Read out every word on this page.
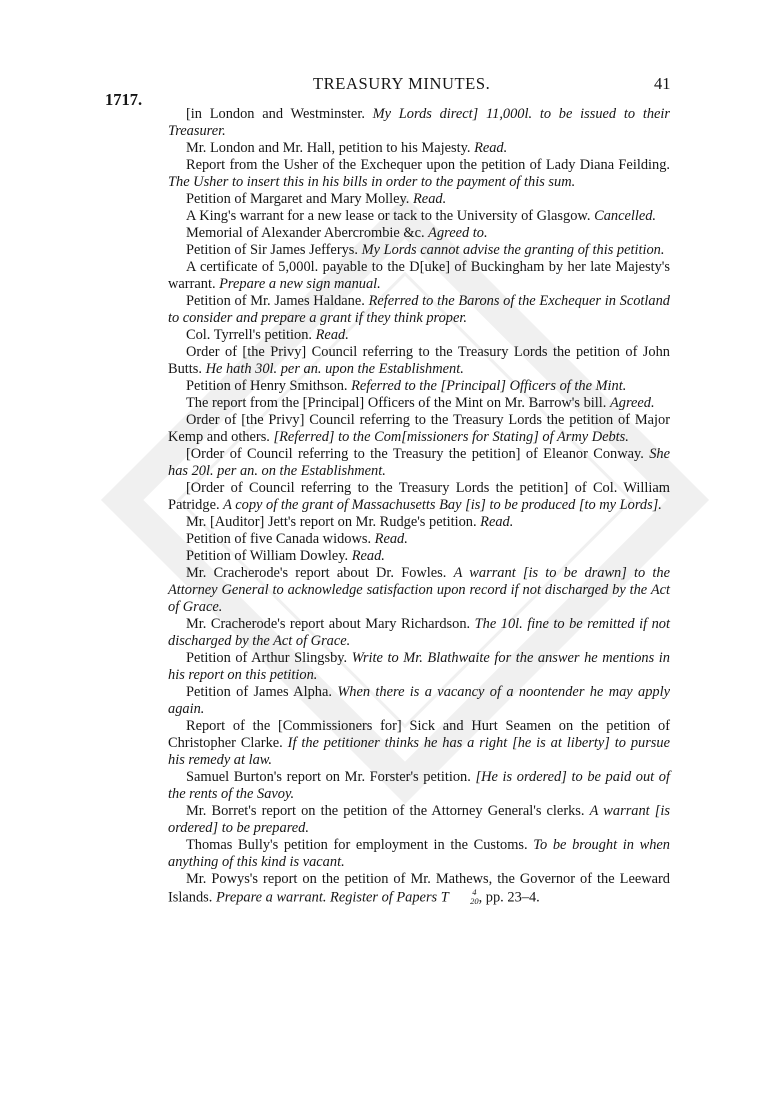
TREASURY MINUTES.	41
1717.

[in London and Westminster. My Lords direct] 11,000l. to be issued to their Treasurer.

Mr. London and Mr. Hall, petition to his Majesty. Read.

Report from the Usher of the Exchequer upon the petition of Lady Diana Feilding. The Usher to insert this in his bills in order to the payment of this sum.

Petition of Margaret and Mary Molley. Read.

A King's warrant for a new lease or tack to the University of Glasgow. Cancelled.

Memorial of Alexander Abercrombie &c. Agreed to.

Petition of Sir James Jefferys. My Lords cannot advise the granting of this petition.

A certificate of 5,000l. payable to the D[uke] of Buckingham by her late Majesty's warrant. Prepare a new sign manual.

Petition of Mr. James Haldane. Referred to the Barons of the Exchequer in Scotland to consider and prepare a grant if they think proper.

Col. Tyrrell's petition. Read.

Order of [the Privy] Council referring to the Treasury Lords the petition of John Butts. He hath 30l. per an. upon the Establishment.

Petition of Henry Smithson. Referred to the [Principal] Officers of the Mint.

The report from the [Principal] Officers of the Mint on Mr. Barrow's bill. Agreed.

Order of [the Privy] Council referring to the Treasury Lords the petition of Major Kemp and others. [Referred] to the Com[missioners for Stating] of Army Debts.

[Order of Council referring to the Treasury the petition] of Eleanor Conway. She has 20l. per an. on the Establishment.

[Order of Council referring to the Treasury Lords the petition] of Col. William Patridge. A copy of the grant of Massachusetts Bay [is] to be produced [to my Lords].

Mr. [Auditor] Jett's report on Mr. Rudge's petition. Read.

Petition of five Canada widows. Read.

Petition of William Dowley. Read.

Mr. Cracherode's report about Dr. Fowles. A warrant [is to be drawn] to the Attorney General to acknowledge satisfaction upon record if not discharged by the Act of Grace.

Mr. Cracherode's report about Mary Richardson. The 10l. fine to be remitted if not discharged by the Act of Grace.

Petition of Arthur Slingsby. Write to Mr. Blathwaite for the answer he mentions in his report on this petition.

Petition of James Alpha. When there is a vacancy of a noontender he may apply again.

Report of the [Commissioners for] Sick and Hurt Seamen on the petition of Christopher Clarke. If the petitioner thinks he has a right [he is at liberty] to pursue his remedy at law.

Samuel Burton's report on Mr. Forster's petition. [He is ordered] to be paid out of the rents of the Savoy.

Mr. Borret's report on the petition of the Attorney General's clerks. A warrant [is ordered] to be prepared.

Thomas Bully's petition for employment in the Customs. To be brought in when anything of this kind is vacant.

Mr. Powys's report on the petition of Mr. Mathews, the Governor of the Leeward Islands. Prepare a warrant. Register of Papers T	4
20 , pp. 23–4.
